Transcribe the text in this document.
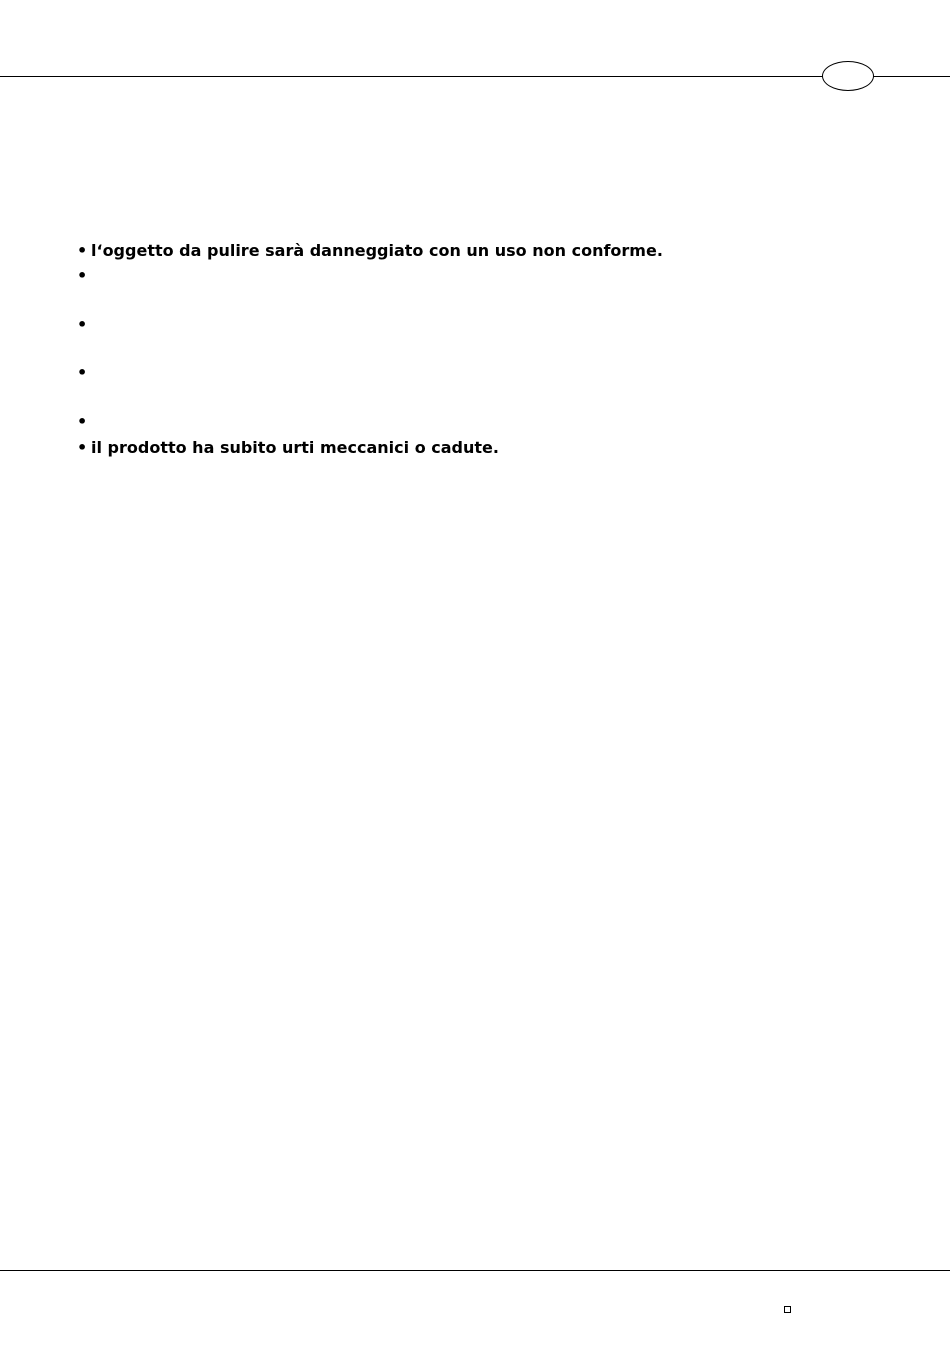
• l‘oggetto da pulire sarà danneggiato con un uso non conforme.
•
•
•
•
• il prodotto ha subito urti meccanici o cadute.
